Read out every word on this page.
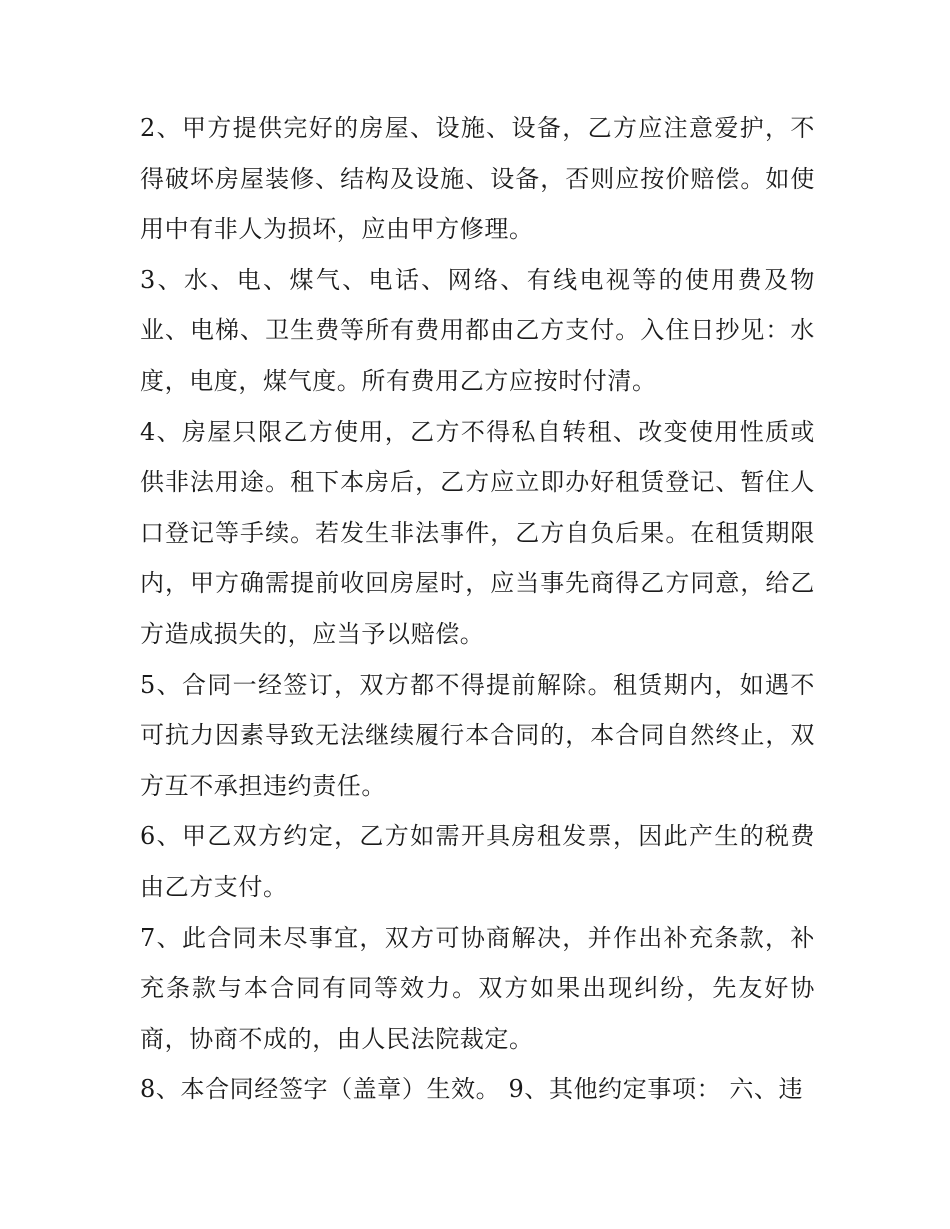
2、甲方提供完好的房屋、设施、设备，乙方应注意爱护，不得破坏房屋装修、结构及设施、设备，否则应按价赔偿。如使用中有非人为损坏，应由甲方修理。

3、水、电、煤气、电话、网络、有线电视等的使用费及物业、电梯、卫生费等所有费用都由乙方支付。入住日抄见：水度，电度，煤气度。所有费用乙方应按时付清。

4、房屋只限乙方使用，乙方不得私自转租、改变使用性质或供非法用途。租下本房后，乙方应立即办好租赁登记、暂住人口登记等手续。若发生非法事件，乙方自负后果。在租赁期限内，甲方确需提前收回房屋时，应当事先商得乙方同意，给乙方造成损失的，应当予以赔偿。

5、合同一经签订，双方都不得提前解除。租赁期内，如遇不可抗力因素导致无法继续履行本合同的，本合同自然终止，双方互不承担违约责任。

6、甲乙双方约定，乙方如需开具房租发票，因此产生的税费由乙方支付。

7、此合同未尽事宜，双方可协商解决，并作出补充条款，补充条款与本合同有同等效力。双方如果出现纠纷，先友好协商，协商不成的，由人民法院裁定。

8、本合同经签字（盖章）生效。 9、其他约定事项： 六、违
